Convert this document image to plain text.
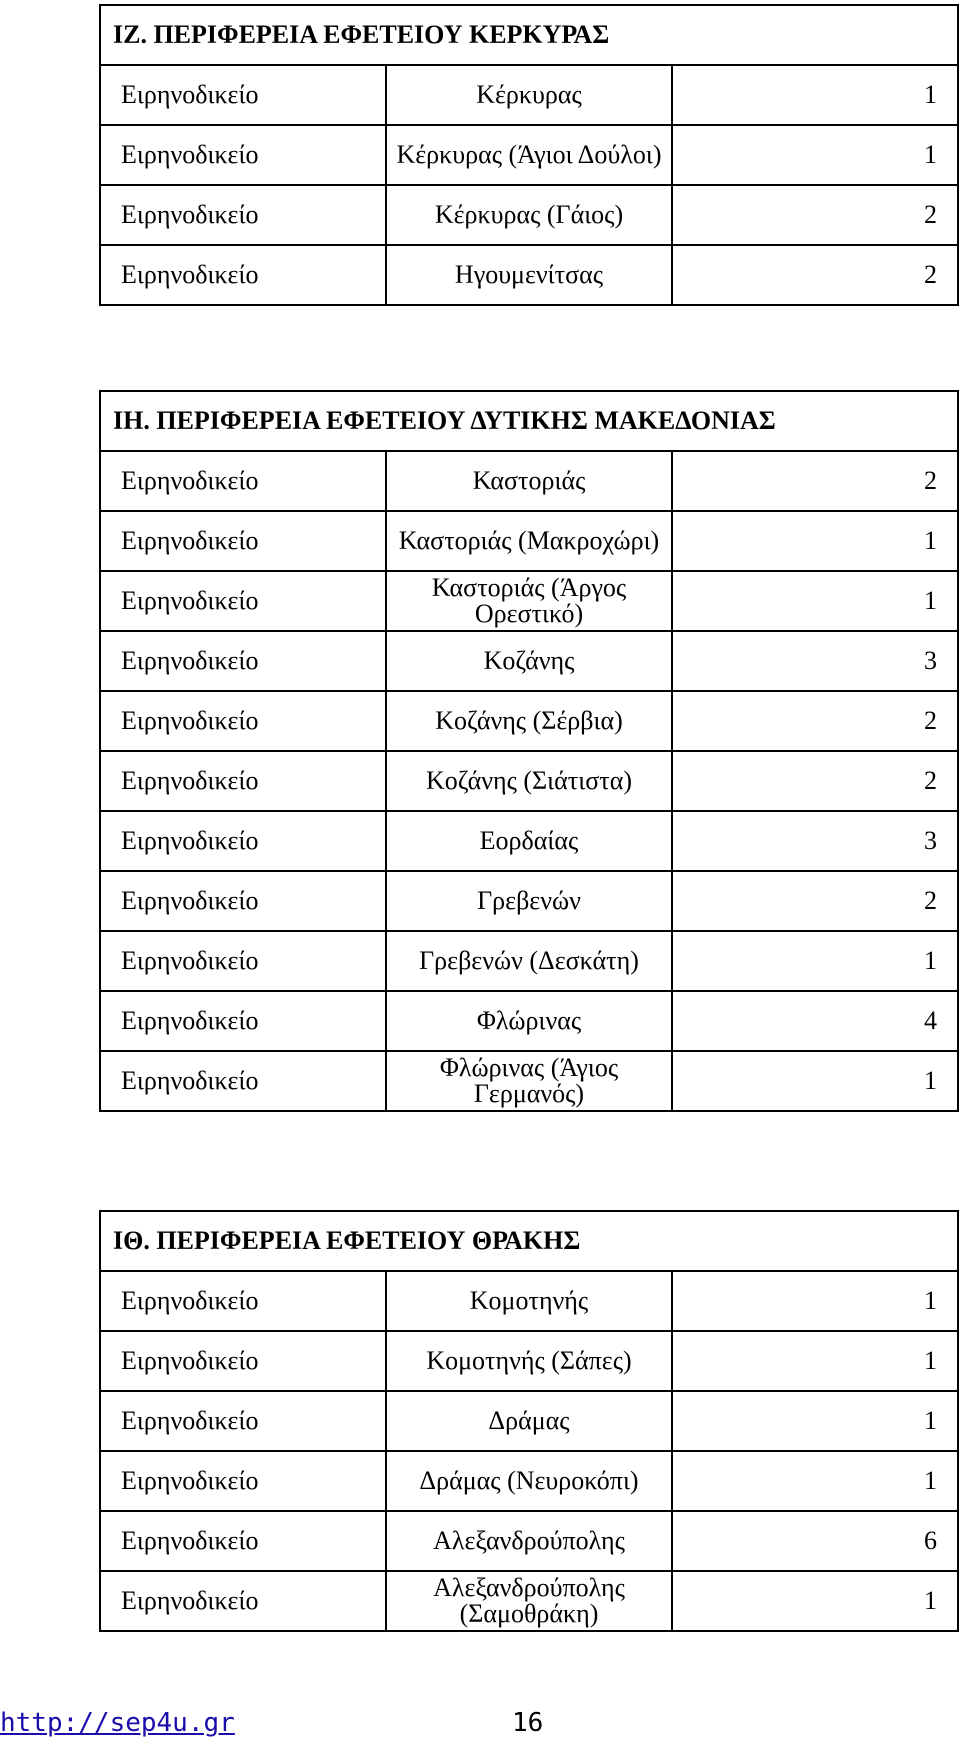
ΙΖ. ΠΕΡΙΦΕΡΕΙΑ ΕΦΕΤΕΙΟΥ ΚΕΡΚΥΡΑΣ		
Ειρηνοδικείο	Κέρκυρας	1
Ειρηνοδικείο	Κέρκυρας (Άγιοι Δούλοι)	1
Ειρηνοδικείο	Κέρκυρας (Γάιος)	2
Ειρηνοδικείο	Ηγουμενίτσας	2
ΙΗ. ΠΕΡΙΦΕΡΕΙΑ ΕΦΕΤΕΙΟΥ ΔΥΤΙΚΗΣ ΜΑΚΕΔΟΝΙΑΣ		
Ειρηνοδικείο	Καστοριάς	2
Ειρηνοδικείο	Καστοριάς (Μακροχώρι)	1
Ειρηνοδικείο	Καστοριάς (Άργος Ορεστικό)	1
Ειρηνοδικείο	Κοζάνης	3
Ειρηνοδικείο	Κοζάνης (Σέρβια)	2
Ειρηνοδικείο	Κοζάνης (Σιάτιστα)	2
Ειρηνοδικείο	Εορδαίας	3
Ειρηνοδικείο	Γρεβενών	2
Ειρηνοδικείο	Γρεβενών (Δεσκάτη)	1
Ειρηνοδικείο	Φλώρινας	4
Ειρηνοδικείο	Φλώρινας (Άγιος Γερμανός)	1
ΙΘ. ΠΕΡΙΦΕΡΕΙΑ ΕΦΕΤΕΙΟΥ ΘΡΑΚΗΣ		
Ειρηνοδικείο	Κομοτηνής	1
Ειρηνοδικείο	Κομοτηνής (Σάπες)	1
Ειρηνοδικείο	Δράμας	1
Ειρηνοδικείο	Δράμας (Νευροκόπι)	1
Ειρηνοδικείο	Αλεξανδρούπολης	6
Ειρηνοδικείο	Αλεξανδρούπολης (Σαμοθράκη)	1
http://sep4u.gr	16
